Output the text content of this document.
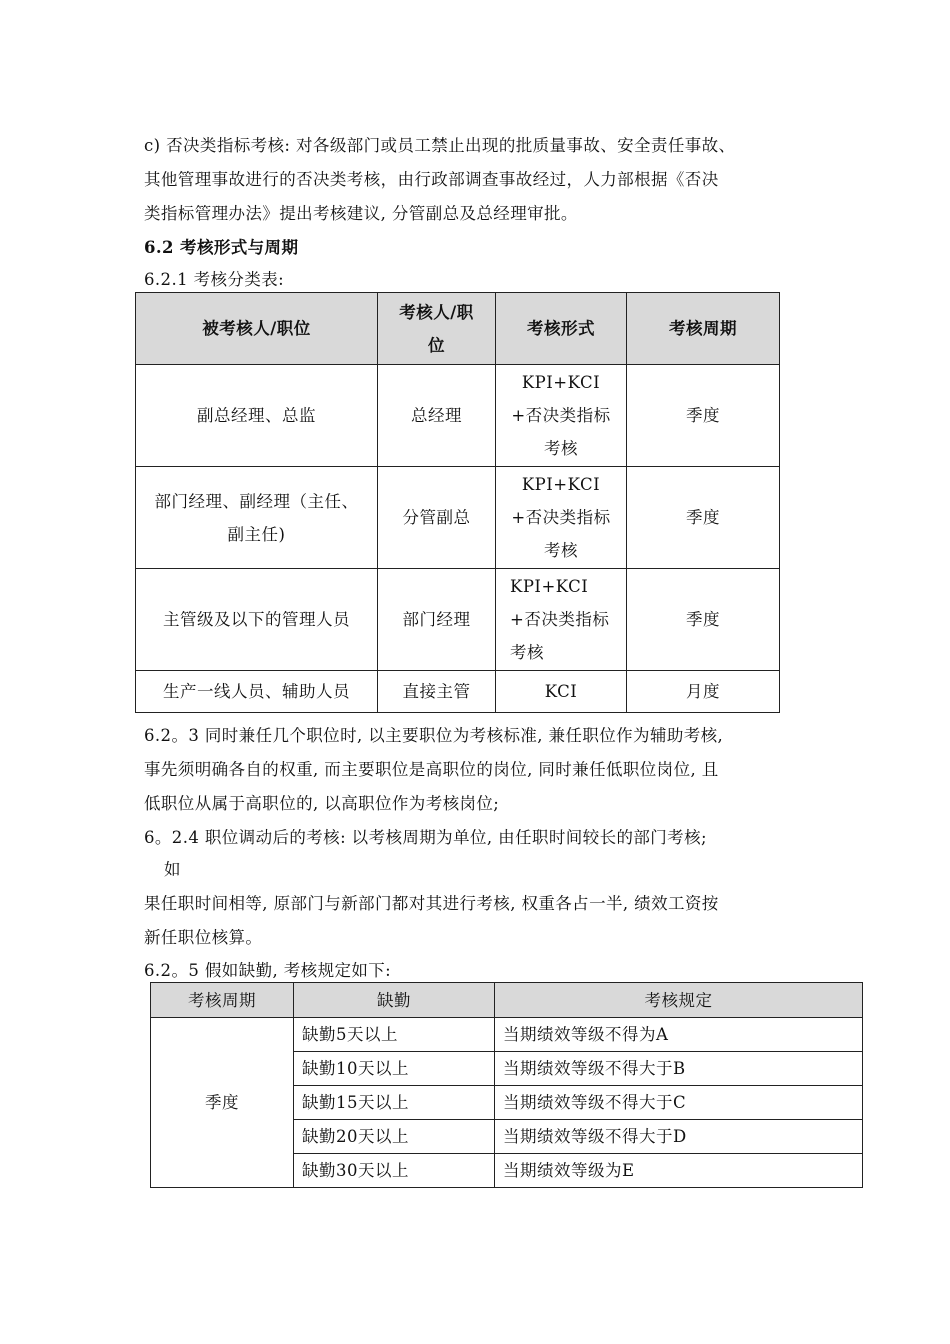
c) 否决类指标考核: 对各级部门或员工禁止出现的批质量事故、安全责任事故、
其他管理事故进行的否决类考核，由行政部调查事故经过，人力部根据《否决
类指标管理办法》提出考核建议, 分管副总及总经理审批。
6.2 考核形式与周期
6.2.1 考核分类表:
被考核人/职位	考核人/职位	考核形式	考核周期
副总经理、总监	总经理	KPI+KCI+否决类指标考核	季度
部门经理、副经理（主任、副主任)	分管副总	KPI+KCI+否决类指标考核	季度
主管级及以下的管理人员	部门经理	KPI+KCI+否决类指标考核	季度
生产一线人员、辅助人员	直接主管	KCI	月度
6.2。3 同时兼任几个职位时, 以主要职位为考核标准, 兼任职位作为辅助考核,
事先须明确各自的权重, 而主要职位是高职位的岗位, 同时兼任低职位岗位, 且
低职位从属于高职位的, 以高职位作为考核岗位;
6。2.4 职位调动后的考核: 以考核周期为单位, 由任职时间较长的部门考核;
如
果任职时间相等, 原部门与新部门都对其进行考核, 权重各占一半, 绩效工资按
新任职位核算。
6.2。5 假如缺勤, 考核规定如下:
考核周期	缺勤	考核规定
季度	缺勤5天以上	当期绩效等级不得为A
	缺勤10天以上	当期绩效等级不得大于B
	缺勤15天以上	当期绩效等级不得大于C
	缺勤20天以上	当期绩效等级不得大于D
	缺勤30天以上	当期绩效等级为E
